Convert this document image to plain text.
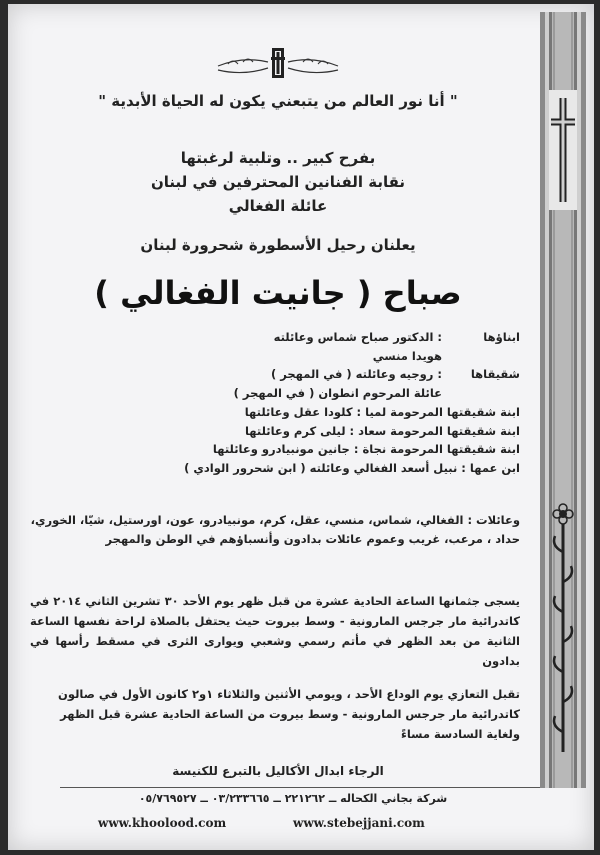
" أنا نور العالم من يتبعني يكون له الحياة الأبدية "
بفرح كبير .. وتلبية لرغبتها
نقابة الفنانين المحترفين في لبنان
عائلة الفغالي
يعلنان رحيل الأسطورة شحرورة لبنان
صباح ( جانيت الفغالي )
ابناؤها
: الدكتور صباح شماس وعائلته
هويدا منسي
شقيقاها
: روجيه وعائلته ( في المهجر )
عائلة المرحوم انطوان ( في المهجر )
ابنة شقيقتها المرحومة لميا : كلودا عقل وعائلتها
ابنة شقيقتها المرحومة سعاد : ليلى كرم وعائلتها
ابنة شقيقتها المرحومة نجاة : جانين مونبيادرو وعائلتها
ابن عمها : نبيل أسعد الفغالي وعائلته ( ابن شحرور الوادي )
وعائلات : الفغالي، شماس، منسي، عقل، كرم، مونبيادرو، عون، اورستيل، شيّا، الخوري، حداد ، مرعب، غريب وعموم عائلات بدادون وأنسباؤهم في الوطن والمهجر
يسجى جثمانها الساعة الحادية عشرة من قبل ظهر يوم الأحد ٣٠ تشرين الثاني ٢٠١٤ في كاتدرائية مار جرجس المارونية - وسط بيروت حيث يحتفل بالصلاة لراحة نفسها الساعة الثانية من بعد الظهر في مأتم رسمي وشعبي ويوارى الثرى في مسقط رأسها في بدادون
تقبل التعازي يوم الوداع الأحد ، ويومي الأثنين والثلاثاء ١و٢ كانون الأول في صالون كاتدرائية مار جرجس المارونية - وسط بيروت من الساعة الحادية عشرة قبل الظهر ولغاية السادسة مساءً
الرجاء ابدال الأكاليل بالتبرع للكنيسة
شركة بجاني الكحاله ــ ٢٢١٢٦٢ ــ ٠٣/٢٣٣٦٦٥ ــ ٠٥/٧٦٩٥٢٧
www.khoolood.com	www.stebejjani.com
